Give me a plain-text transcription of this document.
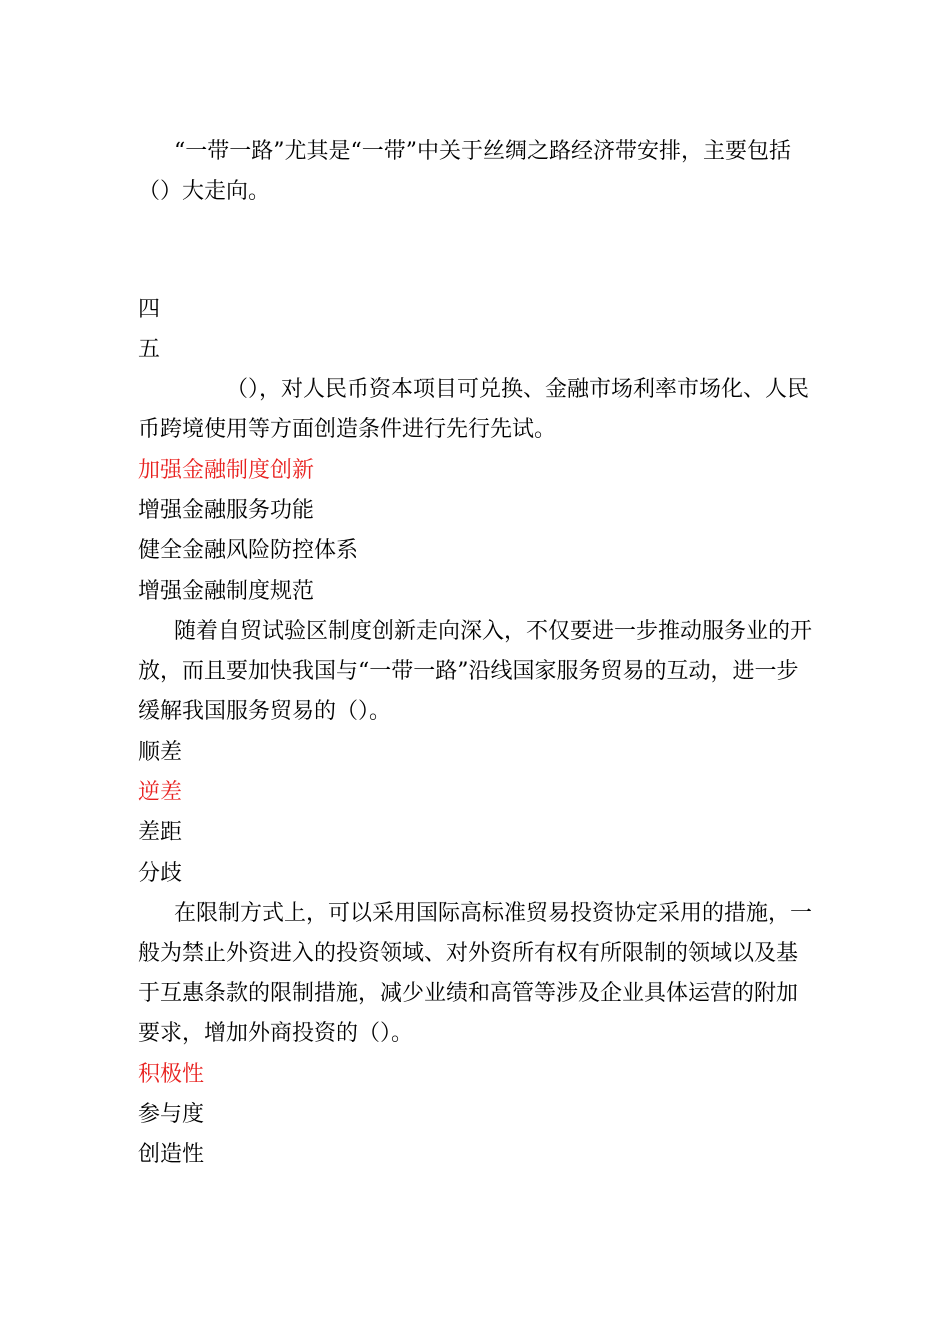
“一带一路”尤其是“一带”中关于丝绸之路经济带安排，主要包括（）大走向。

四

五

（），对人民币资本项目可兑换、金融市场利率市场化、人民币跨境使用等方面创造条件进行先行先试。

加强金融制度创新

增强金融服务功能

健全金融风险防控体系

增强金融制度规范

随着自贸试验区制度创新走向深入，不仅要进一步推动服务业的开放，而且要加快我国与“一带一路”沿线国家服务贸易的互动，进一步缓解我国服务贸易的（）。

顺差

逆差

差距

分歧

在限制方式上，可以采用国际高标准贸易投资协定采用的措施，一般为禁止外资进入的投资领域、对外资所有权有所限制的领域以及基于互惠条款的限制措施，减少业绩和高管等涉及企业具体运营的附加要求，增加外商投资的（）。

积极性

参与度

创造性
